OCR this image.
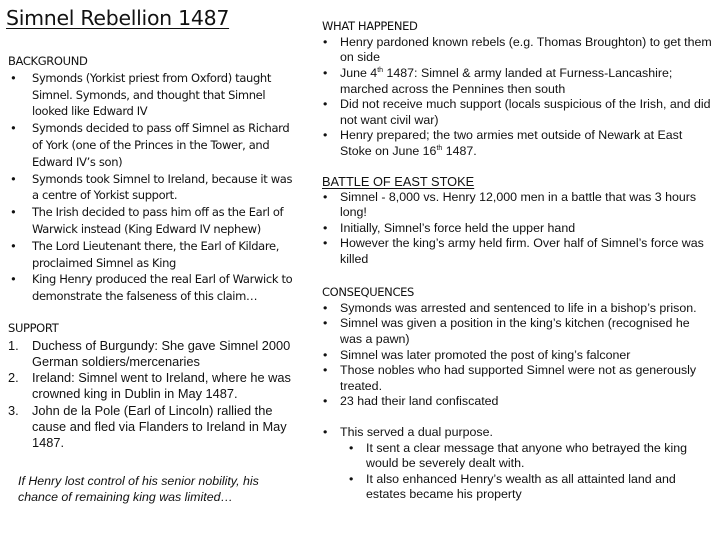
Simnel Rebellion 1487
BACKGROUND
• Symonds (Yorkist priest from Oxford) taught Simnel. Symonds, and thought that Simnel looked like Edward IV
• Symonds decided to pass off Simnel as Richard of York (one of the Princes in the Tower, and Edward IV’s son)
• Symonds took Simnel to Ireland, because it was a centre of Yorkist support.
• The Irish decided to pass him off as the Earl of Warwick instead (King Edward IV nephew)
• The Lord Lieutenant there, the Earl of Kildare, proclaimed Simnel as King
• King Henry produced the real Earl of Warwick to demonstrate the falseness of this claim…
SUPPORT
1. Duchess of Burgundy: She gave Simnel 2000 German soldiers/mercenaries
2. Ireland: Simnel went to Ireland, where he was crowned king in Dublin in May 1487.
3. John de la Pole (Earl of Lincoln) rallied the cause and fled via Flanders to Ireland in May 1487.
If Henry lost control of his senior nobility, his chance of remaining king was limited…
WHAT HAPPENED
• Henry pardoned known rebels (e.g. Thomas Broughton) to get them on side
• June 4th 1487: Simnel & army landed at Furness-Lancashire; marched across the Pennines then south
• Did not receive much support (locals suspicious of the Irish, and did not want civil war)
• Henry prepared; the two armies met outside of Newark at East Stoke on June 16th 1487.
BATTLE OF EAST STOKE
• Simnel - 8,000 vs. Henry 12,000 men in a battle that was 3 hours long!
• Initially, Simnel’s force held the upper hand
• However the king’s army held firm. Over half of Simnel’s force was killed
CONSEQUENCES
• Symonds was arrested and sentenced to life in a bishop’s prison.
• Simnel was given a position in the king’s kitchen (recognised he was a pawn)
• Simnel was later promoted the post of king’s falconer
• Those nobles who had supported Simnel were not as generously treated.
• 23 had their land confiscated
• This served a dual purpose.
• It sent a clear message that anyone who betrayed the king would be severely dealt with.
• It also enhanced Henry’s wealth as all attainted land and estates became his property
